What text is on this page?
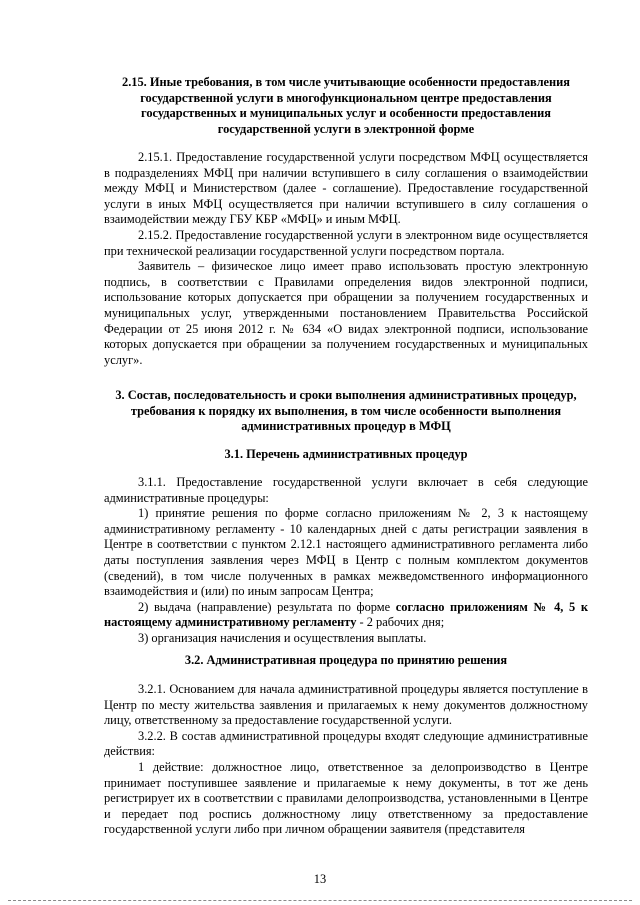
2.15. Иные требования, в том числе учитывающие особенности предоставления государственной услуги в многофункциональном центре предоставления государственных и муниципальных услуг и особенности предоставления государственной услуги в электронной форме

2.15.1. Предоставление государственной услуги посредством МФЦ осуществляется в подразделениях МФЦ при наличии вступившего в силу соглашения о взаимодействии между МФЦ и Министерством (далее - соглашение). Предоставление государственной услуги в иных МФЦ осуществляется при наличии вступившего в силу соглашения о взаимодействии между ГБУ КБР «МФЦ» и иным МФЦ.

2.15.2. Предоставление государственной услуги в электронном виде осуществляется при технической реализации государственной услуги посредством портала.

Заявитель – физическое лицо имеет право использовать простую электронную подпись, в соответствии с Правилами определения видов электронной подписи, использование которых допускается при обращении за получением государственных и муниципальных услуг, утвержденными постановлением Правительства Российской Федерации от 25 июня 2012 г. № 634 «О видах электронной подписи, использование которых допускается при обращении за получением государственных и муниципальных услуг».

3. Состав, последовательность и сроки выполнения административных процедур, требования к порядку их выполнения, в том числе особенности выполнения административных процедур в МФЦ
3.1. Перечень административных процедур

3.1.1. Предоставление государственной услуги включает в себя следующие административные процедуры:

1) принятие решения по форме согласно приложениям № 2, 3 к настоящему административному регламенту - 10 календарных дней с даты регистрации заявления в Центре в соответствии с пунктом 2.12.1 настоящего административного регламента либо даты поступления заявления через МФЦ в Центр с полным комплектом документов (сведений), в том числе полученных в рамках межведомственного информационного взаимодействия и (или) по иным запросам Центра;

2) выдача (направление) результата по форме согласно приложениям № 4, 5 к настоящему административному регламенту - 2 рабочих дня;

3) организация начисления и осуществления выплаты.

3.2. Административная процедура по принятию решения

3.2.1. Основанием для начала административной процедуры является поступление в Центр по месту жительства заявления и прилагаемых к нему документов должностному лицу, ответственному за предоставление государственной услуги.

3.2.2. В состав административной процедуры входят следующие административные действия:

1 действие: должностное лицо, ответственное за делопроизводство в Центре принимает поступившее заявление и прилагаемые к нему документы, в тот же день регистрирует их в соответствии с правилами делопроизводства, установленными в Центре и передает под роспись должностному лицу ответственному за предоставление государственной услуги либо при личном обращении заявителя (представителя

13
